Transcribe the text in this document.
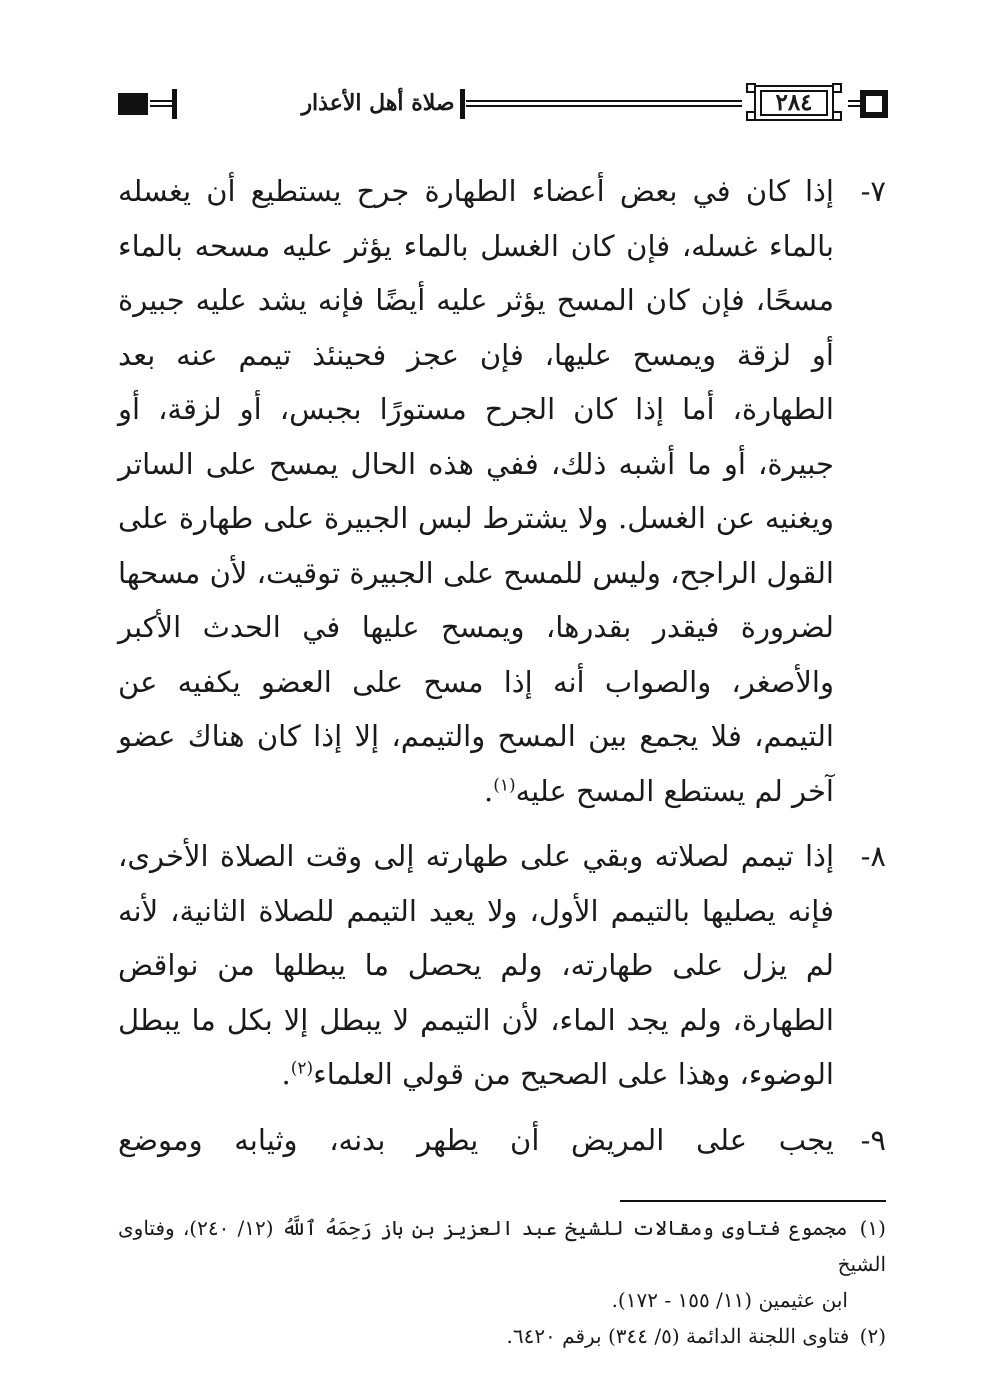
صلاة أهل الأعذار	٢٨٤
٧-
إذا كان في بعض أعضاء الطهارة جرح يستطيع أن يغسله بالماء غسله، فإن كان الغسل بالماء يؤثر عليه مسحه بالماء مسحًا، فإن كان المسح يؤثر عليه أيضًا فإنه يشد عليه جبيرة أو لزقة ويمسح عليها، فإن عجز فحينئذ تيمم عنه بعد الطهارة، أما إذا كان الجرح مستورًا بجبس، أو لزقة، أو جبيرة، أو ما أشبه ذلك، ففي هذه الحال يمسح على الساتر ويغنيه عن الغسل. ولا يشترط لبس الجبيرة على طهارة على القول الراجح، وليس للمسح على الجبيرة توقيت، لأن مسحها لضرورة فيقدر بقدرها، ويمسح عليها في الحدث الأكبر والأصغر، والصواب أنه إذا مسح على العضو يكفيه عن التيمم، فلا يجمع بين المسح والتيمم، إلا إذا كان هناك عضو آخر لم يستطع المسح عليه$^{(١)}$.
٨-
إذا تيمم لصلاته وبقي على طهارته إلى وقت الصلاة الأخرى، فإنه يصليها بالتيمم الأول، ولا يعيد التيمم للصلاة الثانية، لأنه لم يزل على طهارته، ولم يحصل ما يبطلها من نواقض الطهارة، ولم يجد الماء، لأن التيمم لا يبطل إلا بكل ما يبطل الوضوء، وهذا على الصحيح من قولي العلماء$^{(٢)}$.
٩-
يجب على المريض أن يطهر بدنه، وثيابه وموضع
(١) مجموع فتاوى ومقالات للشيخ عبد العزيز بن باز رَحِمَهُ ٱللَّهُ (١٢/ ٢٤٠)، وفتاوى الشيخ
ابن عثيمين (١١/ ١٥٥ - ١٧٢).
(٢) فتاوى اللجنة الدائمة (٥/ ٣٤٤) برقم ٦٤٢٠.
